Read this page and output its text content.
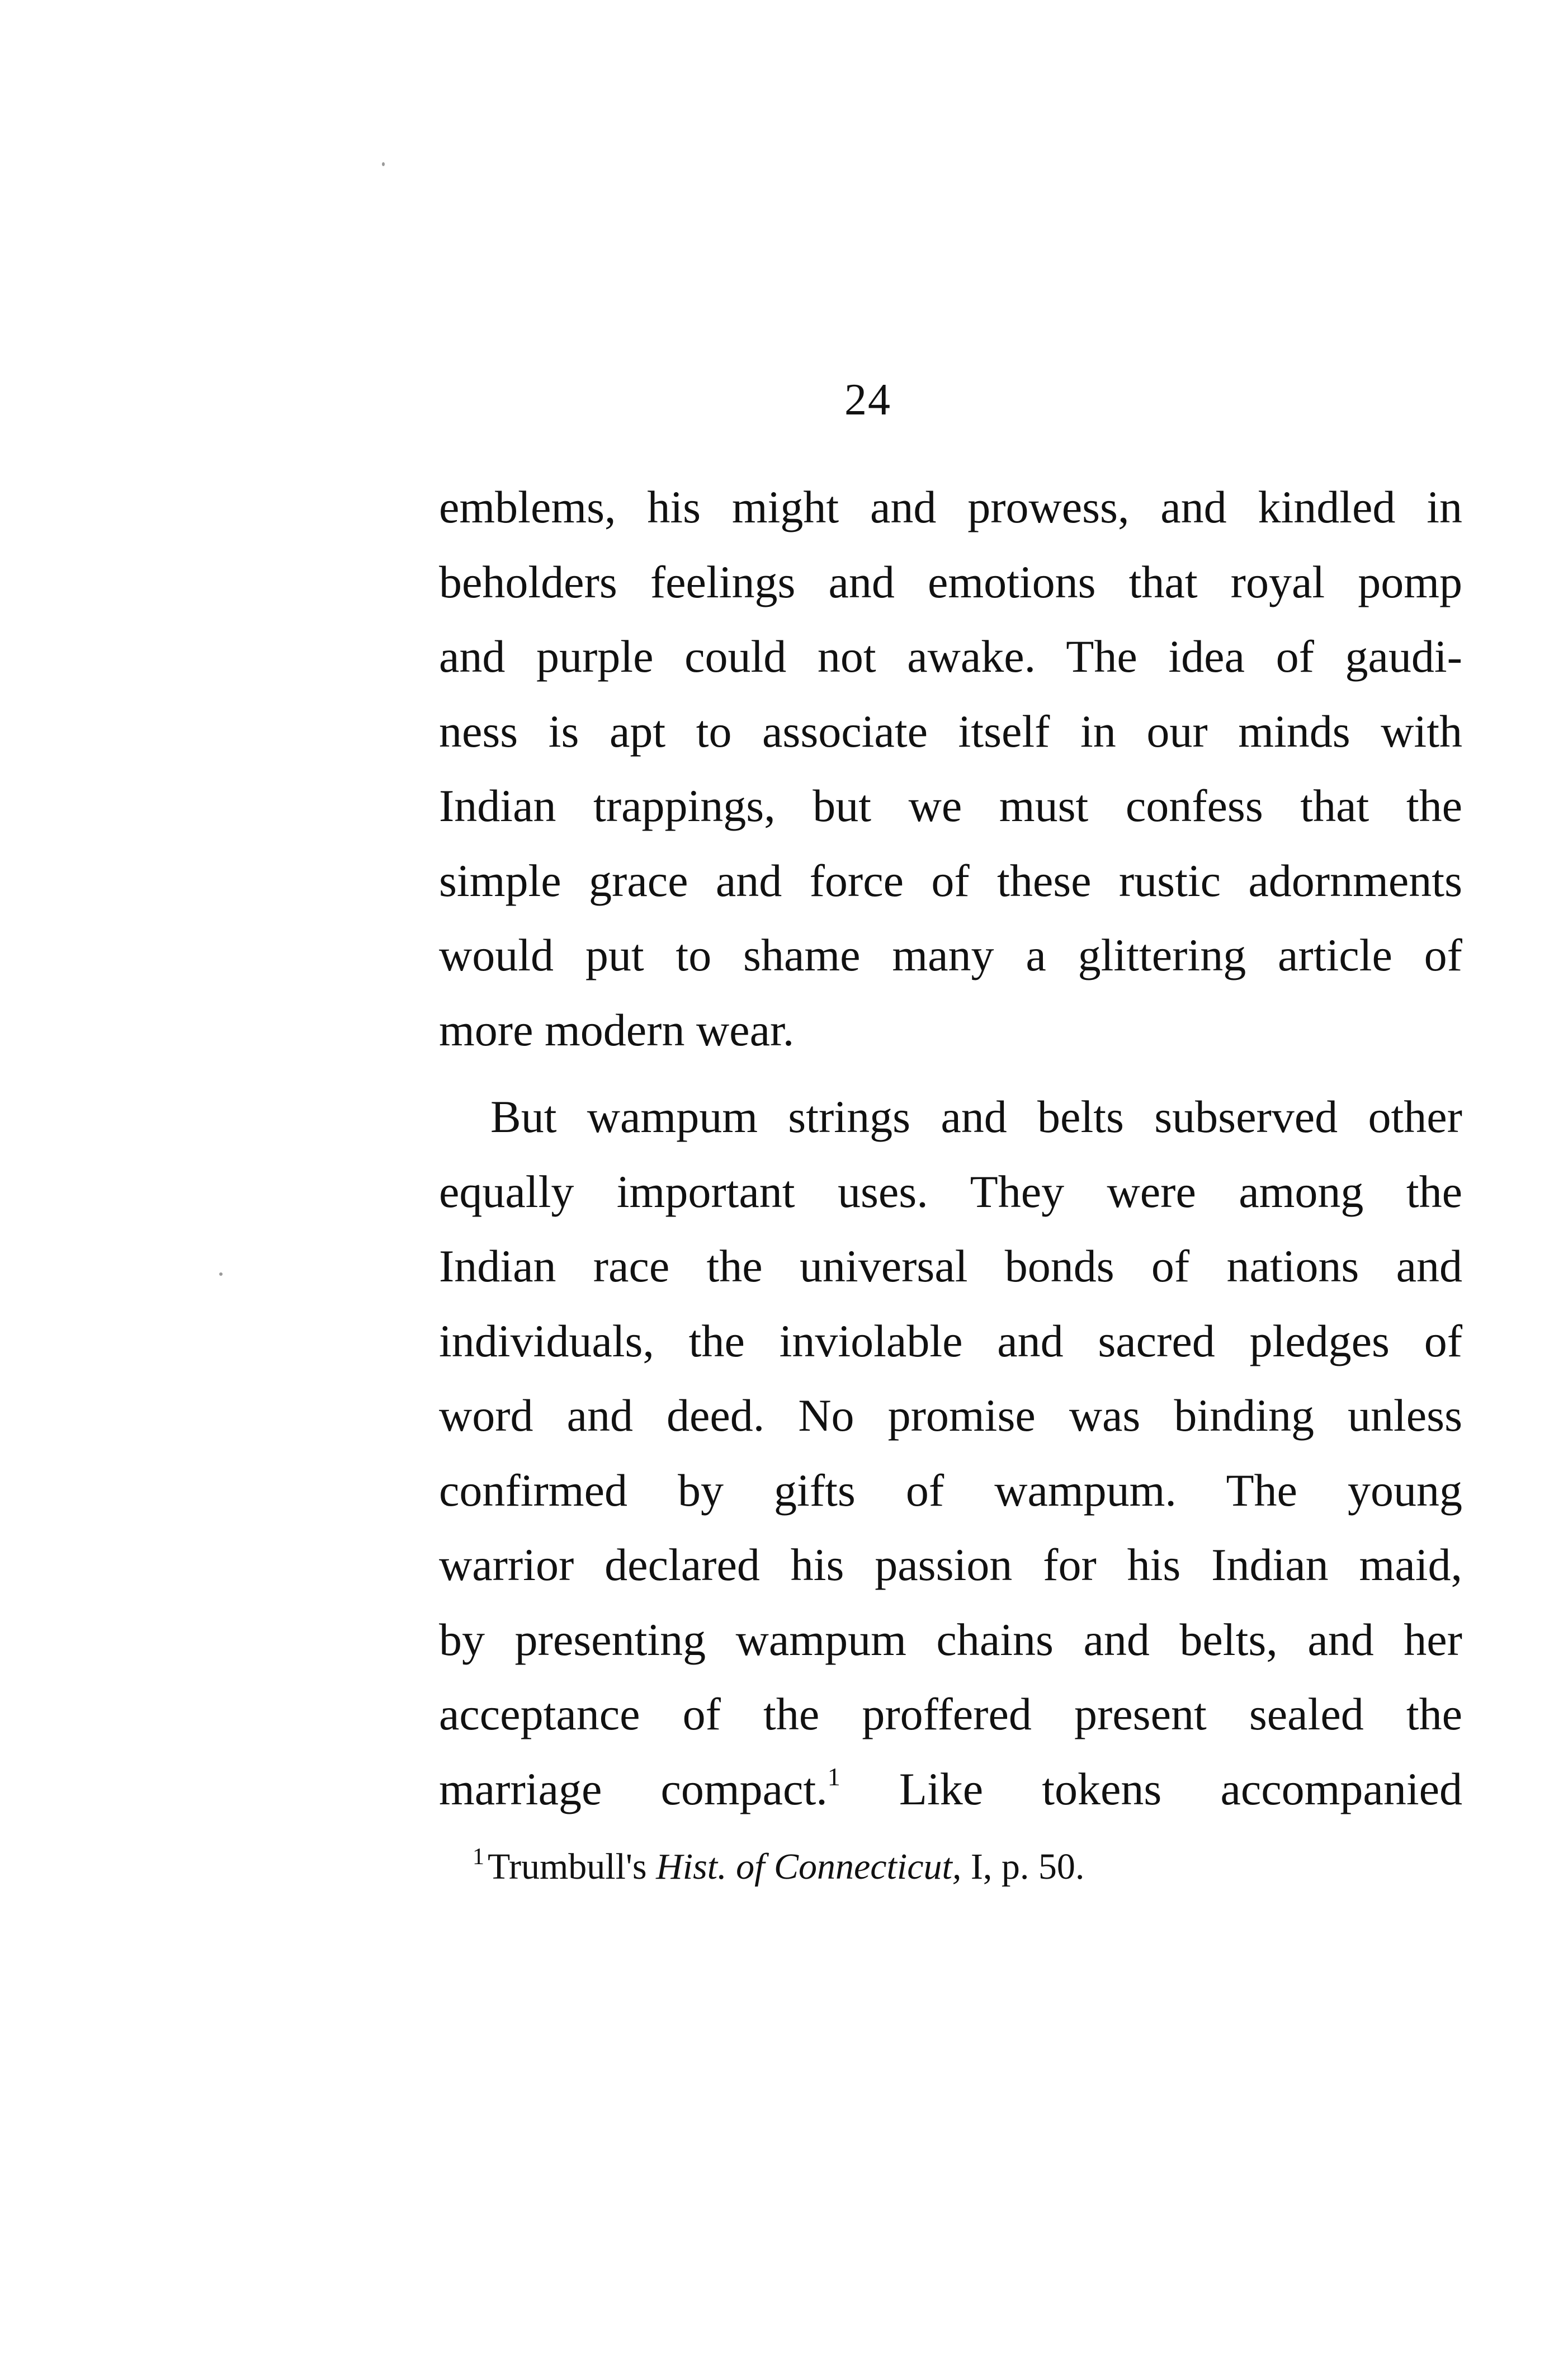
24
emblems, his might and prowess, and kindled in
beholders feelings and emotions that royal pomp
and purple could not awake. The idea of gaudi-
ness is apt to associate itself in our minds with
Indian trappings, but we must confess that the
simple grace and force of these rustic adornments
would put to shame many a glittering article of
more modern wear.
But wampum strings and belts subserved other
equally important uses. They were among the
Indian race the universal bonds of nations and
individuals, the inviolable and sacred pledges of
word and deed. No promise was binding unless
confirmed by gifts of wampum. The young
warrior declared his passion for his Indian maid,
by presenting wampum chains and belts, and her
acceptance of the proffered present sealed the
marriage compact.$^1$ Like tokens accompanied
$^1$Trumbull's Hist. of Connecticut, I, p. 50.
